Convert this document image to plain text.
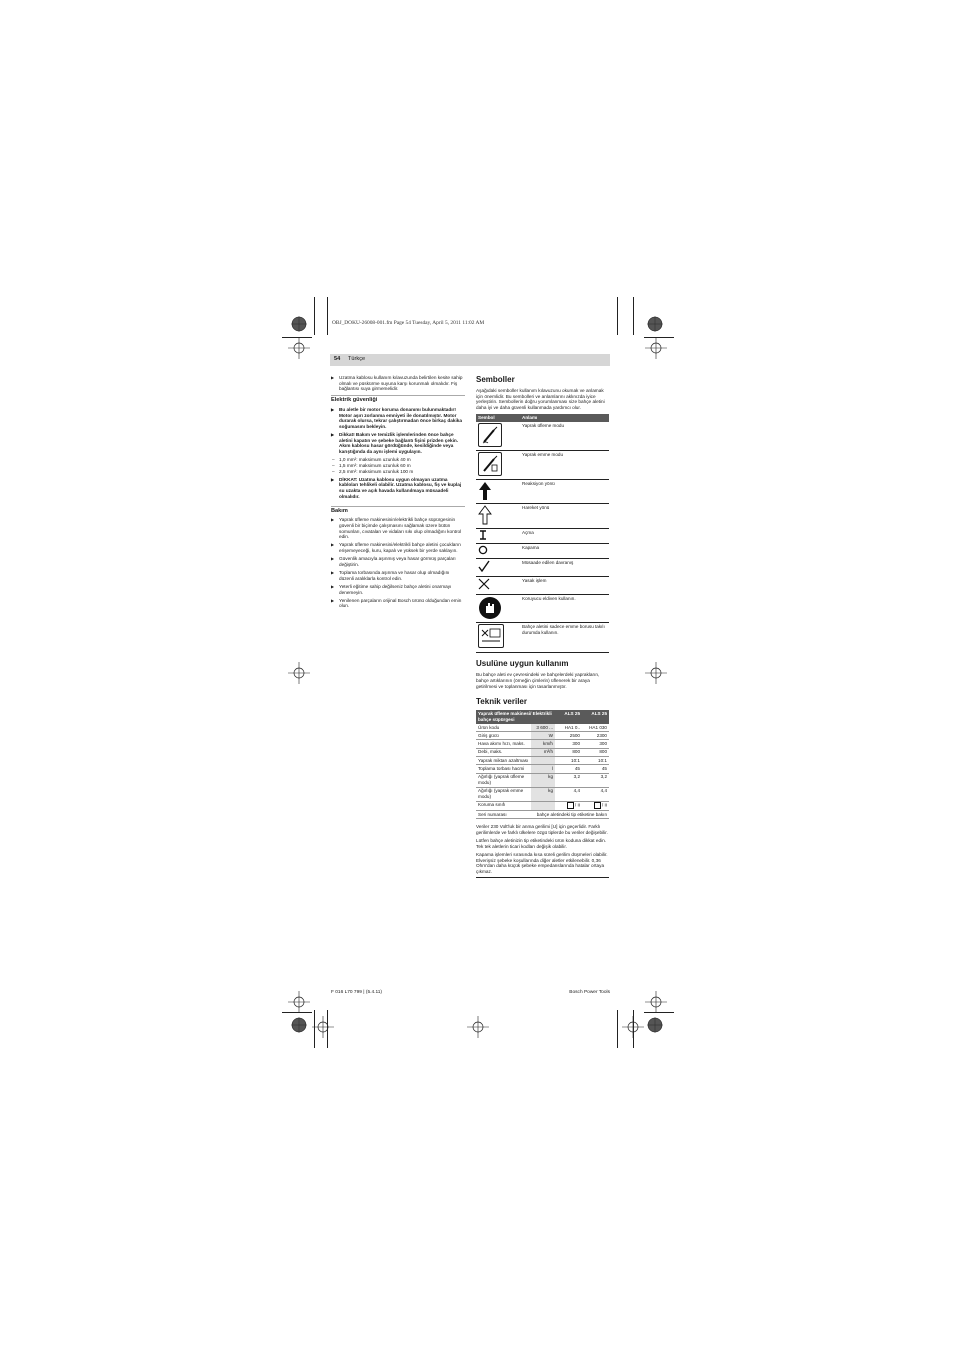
OBJ_DOKU-26008-001.fm Page 54 Tuesday, April 5, 2011 11:02 AM
54 Türkçe

▶ Uzatma kablosu kullanım kılavuzunda belirtilen kesite sahip olmalı ve püskürme suyuna karşı korunmalı olmalıdır. Fiş bağlantısı suya girmemelidir.

Elektrik güvenliği

▶ Bu aletle bir motor koruma donanımı bulunmaktadır! Motor aşırı zorlanma emniyeti ile donatılmıştır. Motor durarak olursa, tekrar çalıştırmadan önce birkaç dakika soğumasını bekleyin.

▶ Dikkat! Bakım ve temizlik işlemlerinden önce bahçe aletini kapatın ve şebeke bağlantı fişini prizden çekin. Akım kablosu hasar gördüğünde, kesildiğinde veya karıştığında da aynı işlemi uygulayın.

– 1,0 mm²: maksimum uzunluk 40 m
– 1,5 mm²: maksimum uzunluk 60 m
– 2,5 mm²: maksimum uzunluk 100 m

▶ DİKKAT: Uzatma kablosu uygun olmayan uzatma kabloları tehlikeli olabilir. Uzatma kablosu, fiş ve kuplaj su uzakta ve açık havada kullanılmaya müsaadeli olmalıdır.

Bakım

▶ Yaprak üfleme makinesinin/elektrikli bahçe süpürgesinin güvenli bir biçimde çalışmasını sağlamak üzere bütün somunları, cıvataları ve vidaları sıkı olup olmadığını kontrol edin.

▶ Yaprak üfleme makinesini/elektrikli bahçe aletini çocukların erişemeyeceği, kuru, kapalı ve yüksek bir yerde saklayın.

▶ Güvenlik amacıyla aşınmış veya hasar görmüş parçaları değiştirin.

▶ Toplama torbasında aşınma ve hasar olup olmadığını düzenli aralıklarla kontrol edin.

▶ Yeterli eğitime sahip değilseniz bahçe aletini onarmayı denemeyin.

▶ Yenilenen parçaların orijinal Bosch ürünü olduğundan emin olun.

Semboller

Aşağıdaki semboller kullanım kılavuzunu okumak ve anlamak için önemlidir. Bu sembolleri ve anlamlarını aklınızda iyice yerleştirin. Sembollerin doğru yorumlanması size bahçe aletini daha iyi ve daha güvenli kullanmada yardımcı olur.

Sembol	Anlamı

	Yaprak üfleme modu

	Yaprak emme modu
	Reaksiyon yönü
	Hareket yönü
	Açma
	Kapama
	Müsaade edilen davranış
	Yasak işlem
	Koruyucu eldiven kullanın.

	Bahçe aletini sadece emme borusu takılı durumda kullanın.
Usulüne uygun kullanım

Bu bahçe aleti ev çevresindeki ve bahçelerdeki yaprakların, bahçe artıklarının (örneğin çimlerin) üflenerek bir araya getirilmesi ve toplanması için tasarlanmıştır.

Teknik veriler
Yaprak üfleme makinesi/ Elektrikli bahçe süpürgesi		ALS 25	ALS 25
Ürün kodu	3 600 ...	HA1 0..	HA1 030
Giriş gücü	W	2500	2300
Hava akımı hızı, maks.	km/h	300	300
Debi, maks.	m³/h	800	800
Yaprak miktarı azaltması		10:1	10:1
Toplama torbası hacmi	l	45	45
Ağırlığı (yaprak üfleme modu)	kg	3,2	3,2
Ağırlığı (yaprak emme modu)	kg	4,4	4,4
Koruma sınıfı		/ II	/ II
Seri numarası	bahçe aletindeki tip etiketine bakın		

Veriler 230 Volt'luk bir anma gerilimi [U] için geçerlidir. Farklı gerilimlerde ve farklı ülkelere özgü tiplerde bu veriler değişebilir.

Lütfen bahçe aletinizin tip etiketindeki ürün koduna dikkat edin. Tek tek aletlerin ticari kodları değişik olabilir.

Kapama işlemleri sırasında kısa süreli gerilim düşmeleri olabilir. Elverişsiz şebeke koşullarında diğer aletler etkilenebilir. 0,36 Ohm'dan daha küçük şebeke empedanslarında hatalar ortaya çıkmaz.

F 016 L70 799 | (5.4.11)	Bosch Power Tools
